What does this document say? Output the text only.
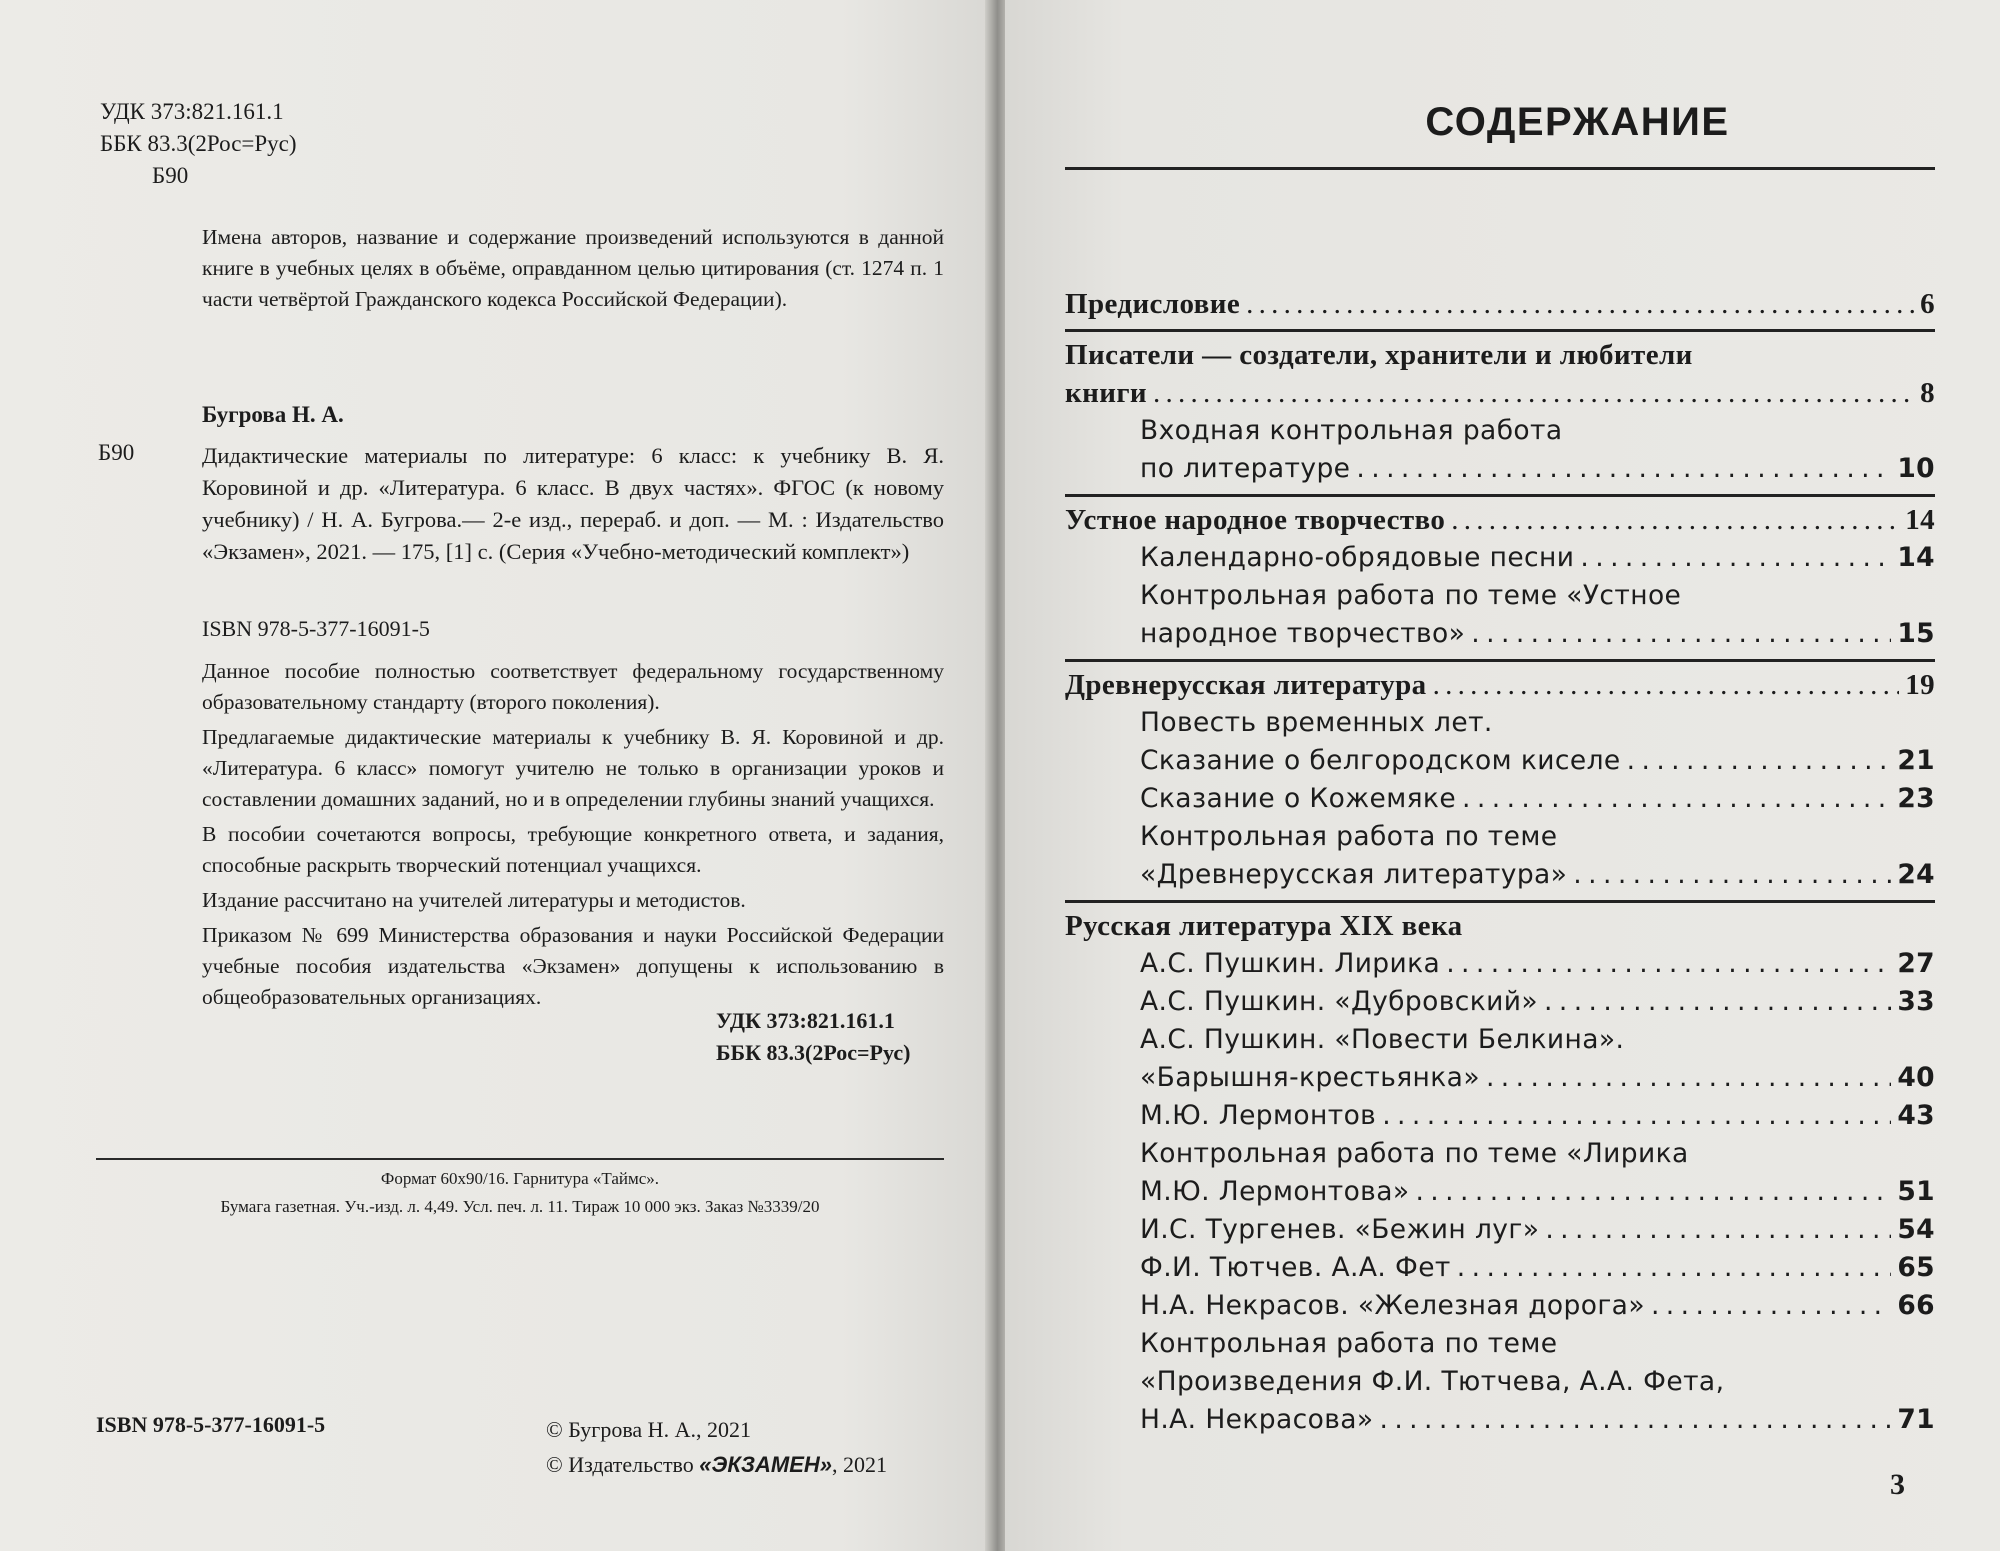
УДК 373:821.161.1
ББК 83.3(2Рос=Рус)
Б90
Имена авторов, название и содержание произведений используются в данной книге в учебных целях в объёме, оправданном целью цитирования (ст. 1274 п. 1 части четвёртой Гражданского кодекса Российской Федерации).
Бугрова Н. А.
Б90	Дидактические материалы по литературе: 6 класс: к учебнику В. Я. Коровиной и др. «Литература. 6 класс. В двух частях». ФГОС (к новому учебнику) / Н. А. Бугрова.— 2-е изд., перераб. и доп. — М. : Издательство «Экзамен», 2021. — 175, [1] с. (Серия «Учебно-методический комплект»)
ISBN 978-5-377-16091-5

Данное пособие полностью соответствует федеральному государственному образовательному стандарту (второго поколения).

Предлагаемые дидактические материалы к учебнику В. Я. Коровиной и др. «Литература. 6 класс» помогут учителю не только в организации уроков и составлении домашних заданий, но и в определении глубины знаний учащихся.

В пособии сочетаются вопросы, требующие конкретного ответа, и задания, способные раскрыть творческий потенциал учащихся.

Издание рассчитано на учителей литературы и методистов.

Приказом № 699 Министерства образования и науки Российской Федерации учебные пособия издательства «Экзамен» допущены к использованию в общеобразовательных организациях.

УДК 373:821.161.1
ББК 83.3(2Рос=Рус)
Формат 60х90/16. Гарнитура «Таймс».
Бумага газетная. Уч.-изд. л. 4,49. Усл. печ. л. 11. Тираж 10 000 экз. Заказ №3339/20
ISBN 978-5-377-16091-5	© Бугрова Н. А., 2021
© Издательство «ЭКЗАМЕН», 2021
СОДЕРЖАНИЕ
Предисловие . . .	6
Писатели — создатели, хранители и любители
книги . . .	8
Входная контрольная работа
по литературе . . .	10
Устное народное творчество . . .	14
Календарно-обрядовые песни . . .	14
Контрольная работа по теме «Устное
народное творчество» . . .	15
Древнерусская литература . . .	19
Повесть временных лет.
Сказание о белгородском киселе . . .	21
Сказание о Кожемяке . . .	23
Контрольная работа по теме
«Древнерусская литература» . . .	24
Русская литература XIX века
А.С. Пушкин. Лирика . . .	27
А.С. Пушкин. «Дубровский» . . .	33
А.С. Пушкин. «Повести Белкина».
«Барышня-крестьянка» . . .	40
М.Ю. Лермонтов . . .	43
Контрольная работа по теме «Лирика
М.Ю. Лермонтова» . . .	51
И.С. Тургенев. «Бежин луг» . . .	54
Ф.И. Тютчев. А.А. Фет . . .	65
Н.А. Некрасов. «Железная дорога» . . .	66
Контрольная работа по теме
«Произведения Ф.И. Тютчева, А.А. Фета,
Н.А. Некрасова» . . .	71
3
